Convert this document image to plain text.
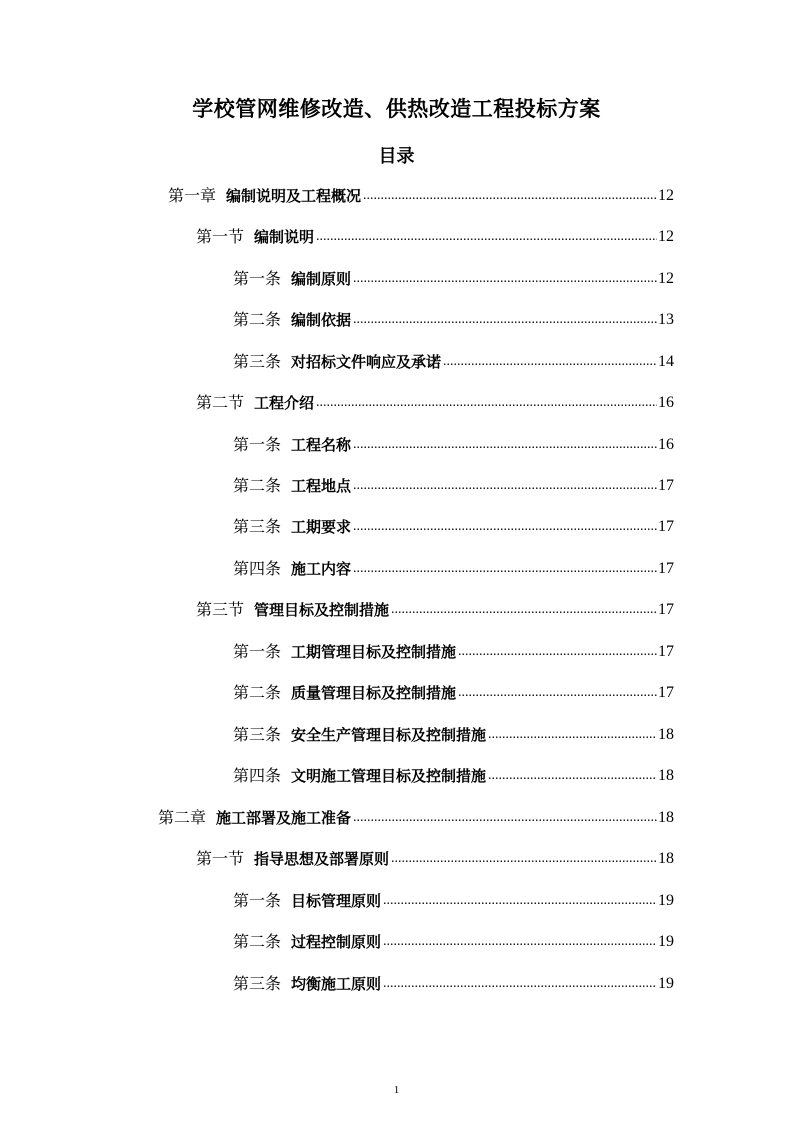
学校管网维修改造、供热改造工程投标方案
目录
第一章 编制说明及工程概况 .....	12
第一节 编制说明 .....	12
第一条 编制原则 .....	12
第二条 编制依据 .....	13
第三条 对招标文件响应及承诺 .....	14
第二节 工程介绍 .....	16
第一条 工程名称 .....	16
第二条 工程地点 .....	17
第三条 工期要求 .....	17
第四条 施工内容 .....	17
第三节 管理目标及控制措施 .....	17
第一条 工期管理目标及控制措施 .....	17
第二条 质量管理目标及控制措施 .....	17
第三条 安全生产管理目标及控制措施 .....	18
第四条 文明施工管理目标及控制措施 .....	18
第二章 施工部署及施工准备 .....	18
第一节 指导思想及部署原则 .....	18
第一条 目标管理原则 .....	19
第二条 过程控制原则 .....	19
第三条 均衡施工原则 .....	19
1
